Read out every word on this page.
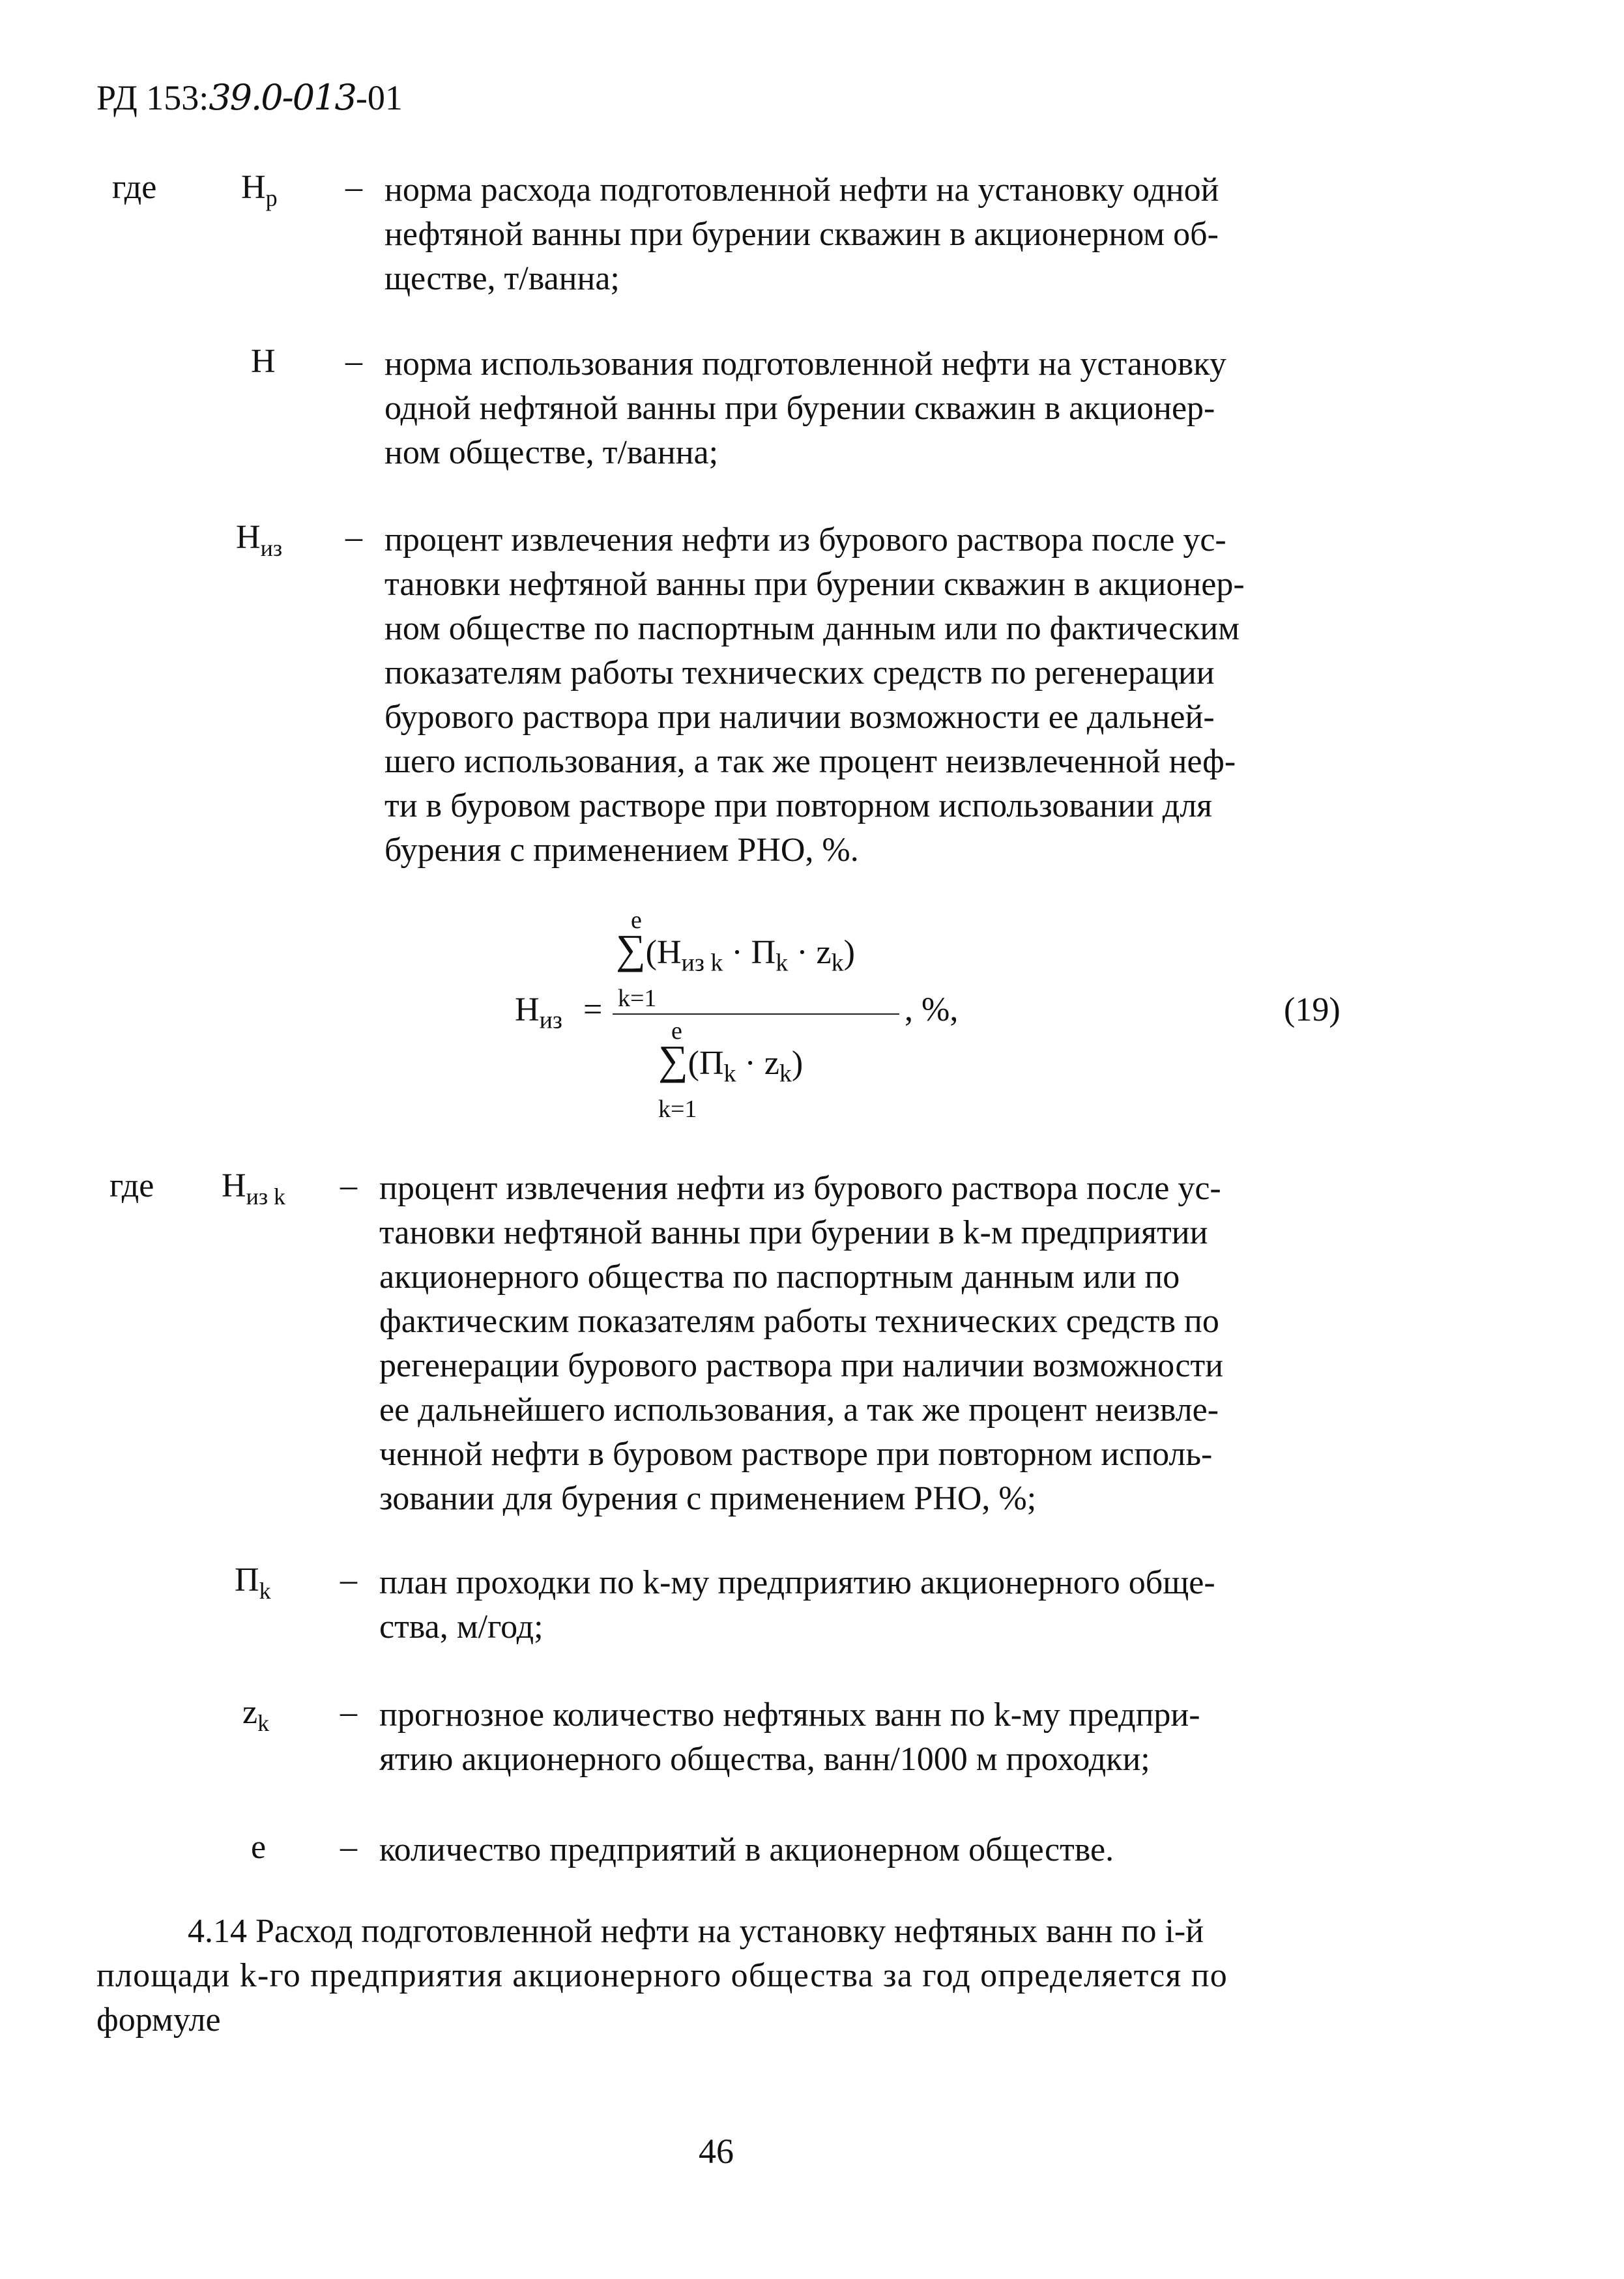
РД 153:39.0-013-01
где $H_р$ – норма расхода подготовленной нефти на установку одной
нефтяной ванны при бурении скважин в акционерном об-
ществе, т/ванна;
H – норма использования подготовленной нефти на установку
одной нефтяной ванны при бурении скважин в акционер-
ном обществе, т/ванна;
$H_{из}$ – процент извлечения нефти из бурового раствора после ус-
тановки нефтяной ванны при бурении скважин в акционер-
ном обществе по паспортным данным или по фактическим
показателям работы технических средств по регенерации
бурового раствора при наличии возможности ее дальней-
шего использования, а так же процент неизвлеченной неф-
ти в буровом растворе при повторном использовании для
бурения с применением РНО, %.
e
$\sum(H_{из k} \cdot П_k \cdot z_k)$
k=1
$H_{из}$ =
e
$\sum(П_k \cdot z_k)$
k=1
, %,	(19)
где $H_{из k}$ – процент извлечения нефти из бурового раствора после ус-
тановки нефтяной ванны при бурении в k-м предприятии
акционерного общества по паспортным данным или по
фактическим показателям работы технических средств по
регенерации бурового раствора при наличии возможности
ее дальнейшего использования, а так же процент неизвле-
ченной нефти в буровом растворе при повторном исполь-
зовании для бурения с применением РНО, %;
$П_k$ – план проходки по k-му предприятию акционерного обще-
ства, м/год;
$z_k$ – прогнозное количество нефтяных ванн по k-му предпри-
ятию акционерного общества, ванн/1000 м проходки;
e – количество предприятий в акционерном обществе.
4.14 Расход подготовленной нефти на установку нефтяных ванн по i-й
площади k-го предприятия акционерного общества за год определяется по
формуле
46
